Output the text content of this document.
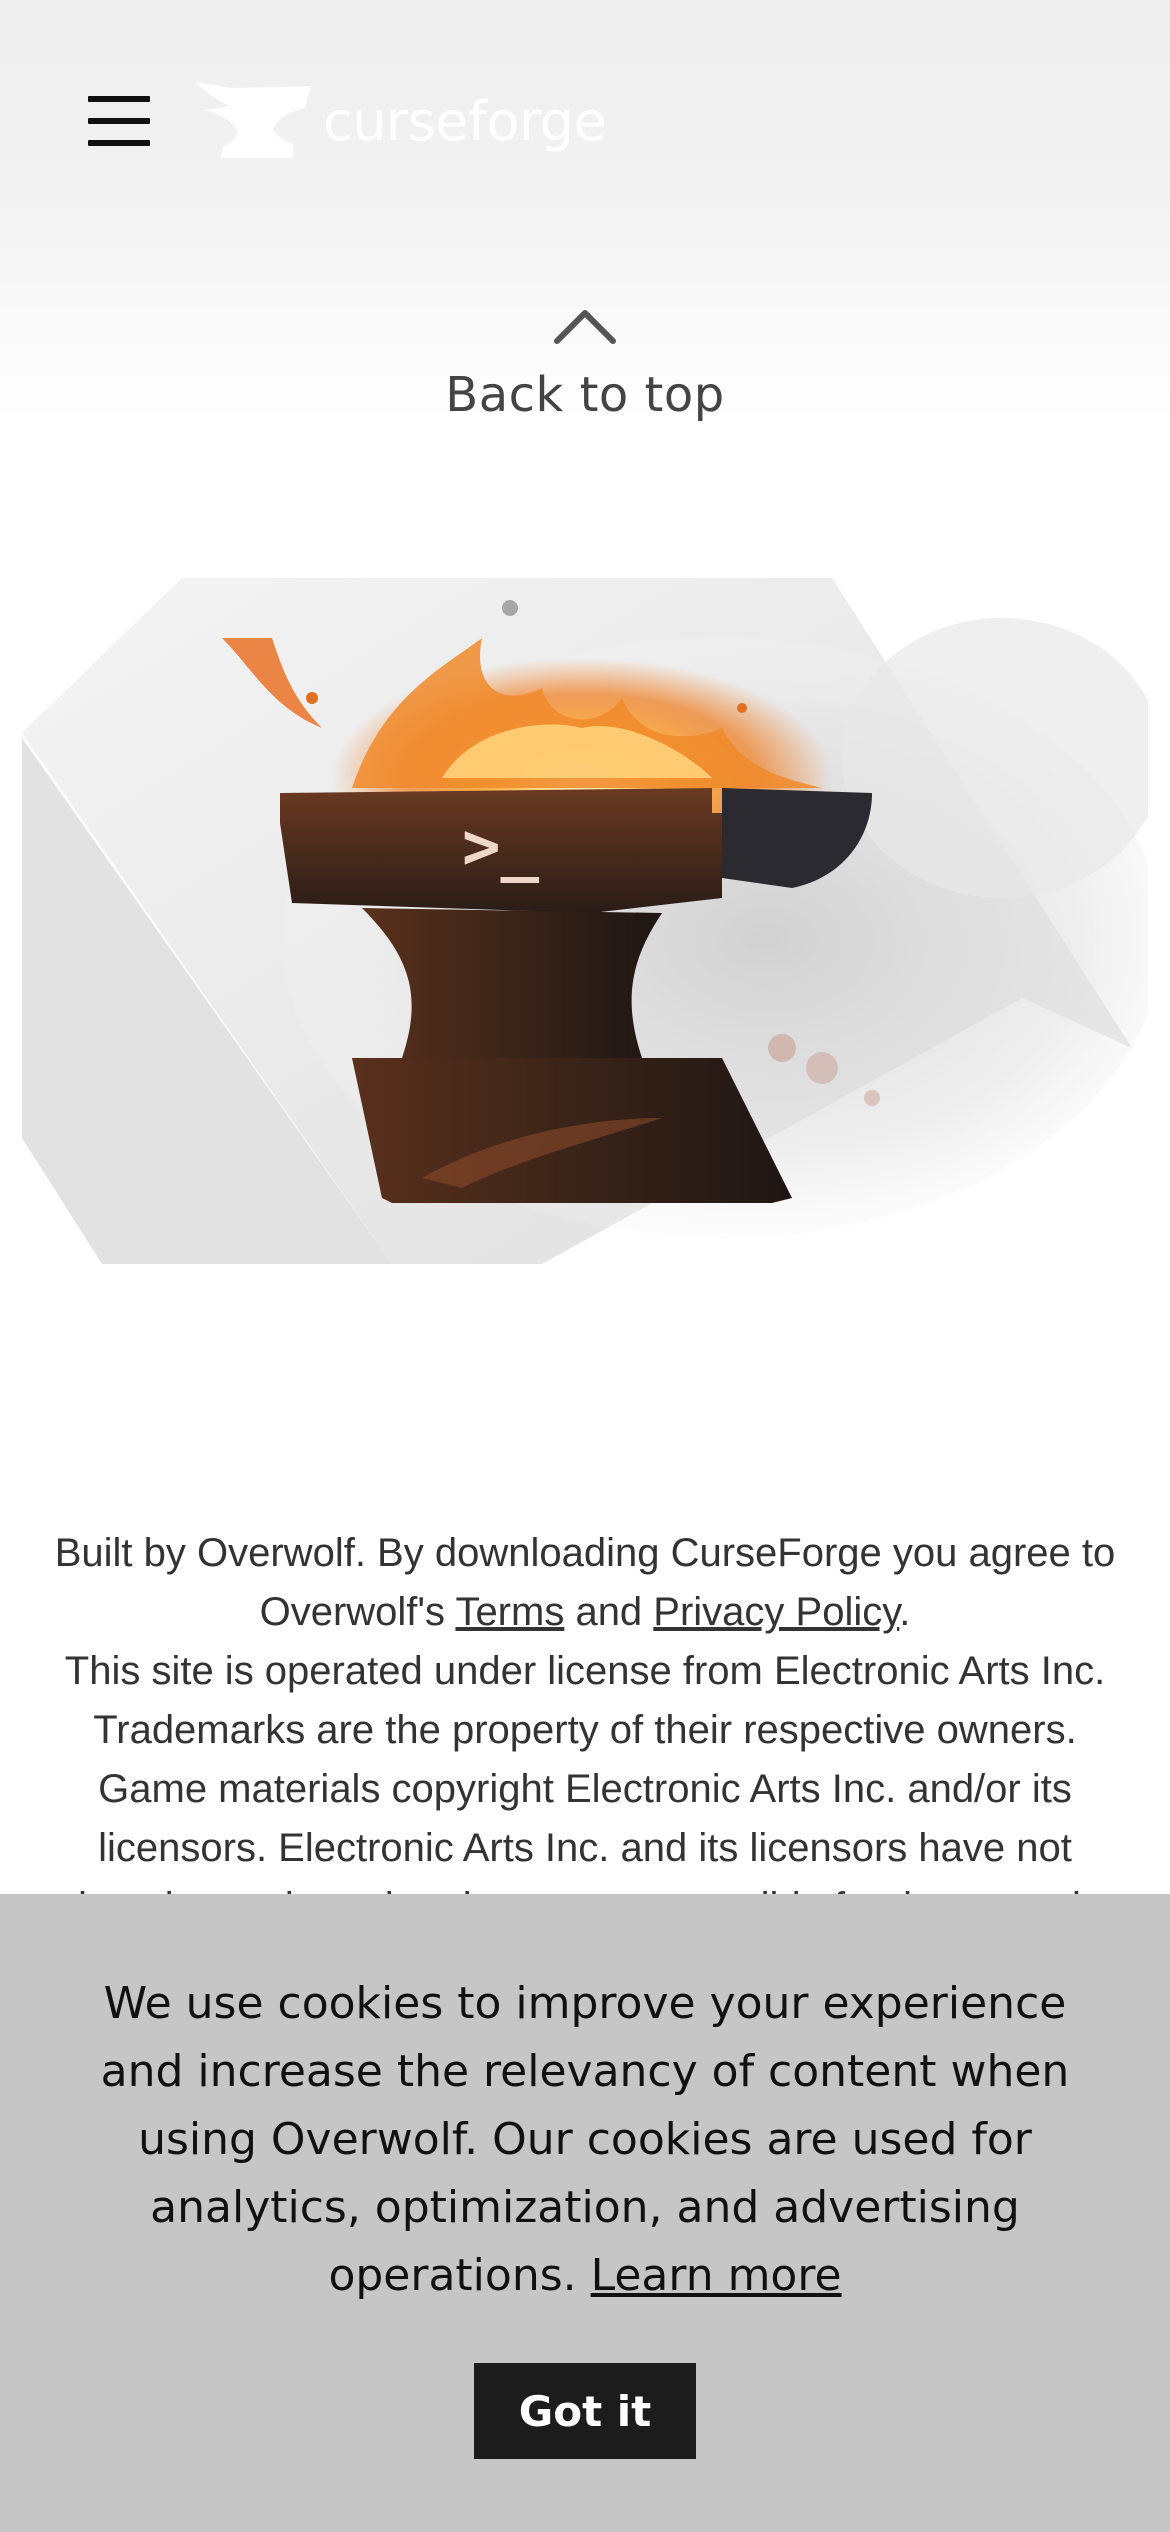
curseforge
Back to top
>_
Built by Overwolf. By downloading CurseForge you agree to Overwolf's Terms and Privacy Policy.
This site is operated under license from Electronic Arts Inc. Trademarks are the property of their respective owners. Game materials copyright Electronic Arts Inc. and/or its licensors. Electronic Arts Inc. and its licensors have not
We use cookies to improve your experience and increase the relevancy of content when using Overwolf. Our cookies are used for analytics, optimization, and advertising operations. Learn more
Got it
